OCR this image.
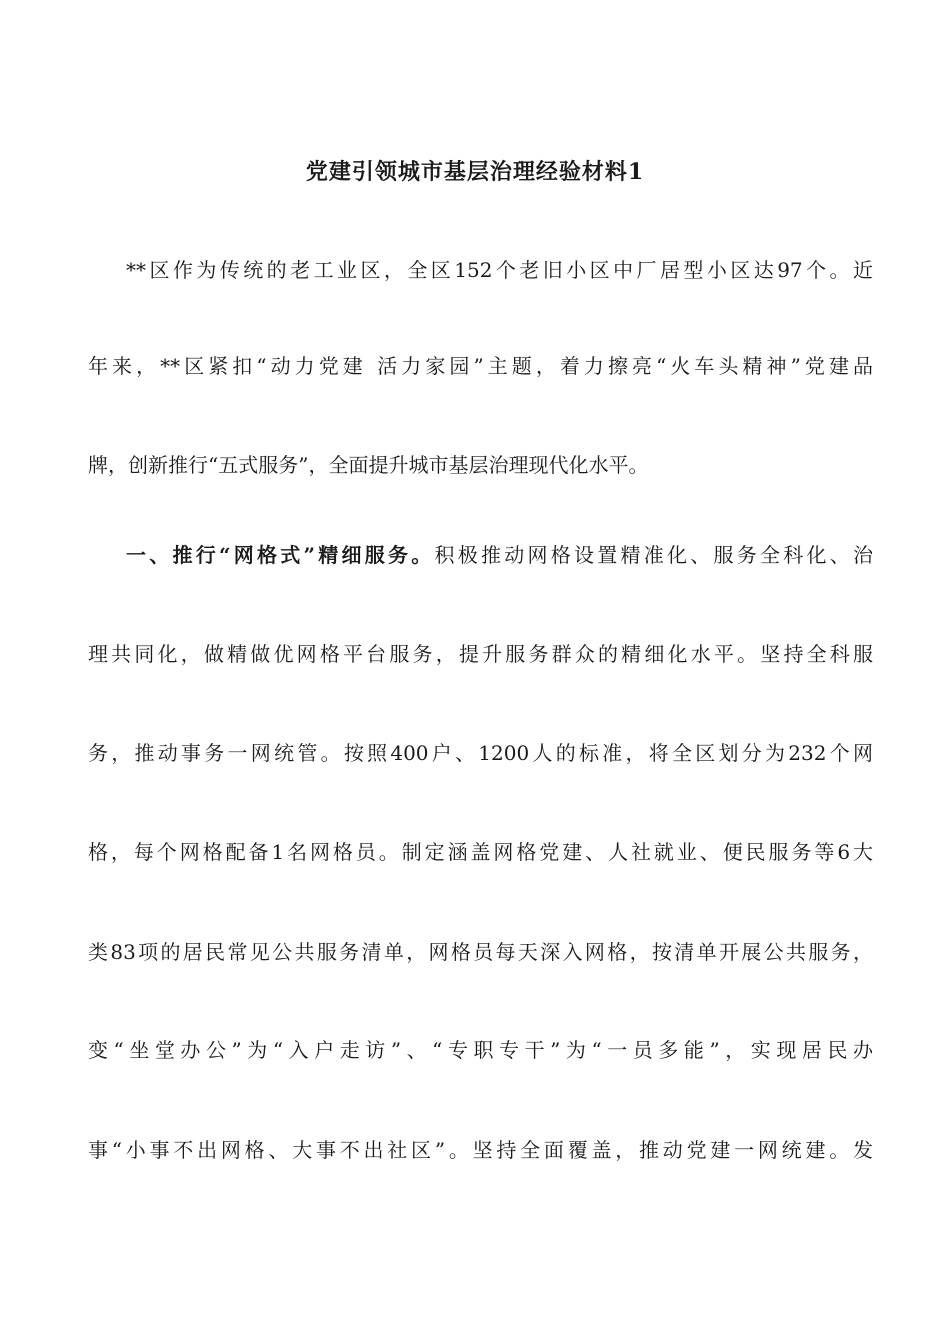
党建引领城市基层治理经验材料1

**区作为传统的老工业区，全区152个老旧小区中厂居型小区达97个。近

年来，**区紧扣“动力党建 活力家园”主题，着力擦亮“火车头精神”党建品

牌，创新推行“五式服务”，全面提升城市基层治理现代化水平。

一、推行“网格式”精细服务。积极推动网格设置精准化、服务全科化、治

理共同化，做精做优网格平台服务，提升服务群众的精细化水平。坚持全科服

务，推动事务一网统管。按照400户、1200人的标准，将全区划分为232个网

格，每个网格配备1名网格员。制定涵盖网格党建、人社就业、便民服务等6大

类83项的居民常见公共服务清单，网格员每天深入网格，按清单开展公共服务，

变“坐堂办公”为“入户走访”、“专职专干”为“一员多能”，实现居民办

事“小事不出网格、大事不出社区”。坚持全面覆盖，推动党建一网统建。发
